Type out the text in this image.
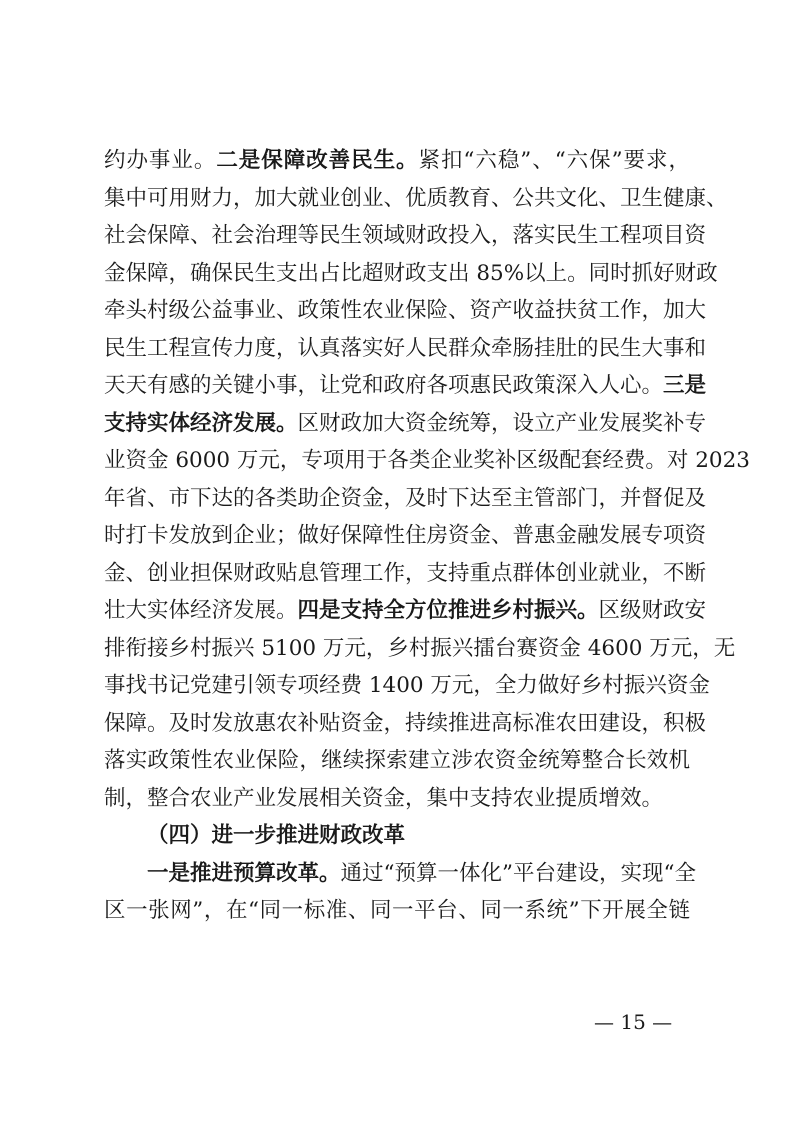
约办事业。二是保障改善民生。紧扣“六稳”、“六保”要求，
集中可用财力，加大就业创业、优质教育、公共文化、卫生健康、
社会保障、社会治理等民生领域财政投入，落实民生工程项目资
金保障，确保民生支出占比超财政支出 85%以上。同时抓好财政
牵头村级公益事业、政策性农业保险、资产收益扶贫工作，加大
民生工程宣传力度，认真落实好人民群众牵肠挂肚的民生大事和
天天有感的关键小事，让党和政府各项惠民政策深入人心。三是
支持实体经济发展。区财政加大资金统筹，设立产业发展奖补专
业资金 6000 万元，专项用于各类企业奖补区级配套经费。对 2023
年省、市下达的各类助企资金，及时下达至主管部门，并督促及
时打卡发放到企业；做好保障性住房资金、普惠金融发展专项资
金、创业担保财政贴息管理工作，支持重点群体创业就业，不断
壮大实体经济发展。四是支持全方位推进乡村振兴。区级财政安
排衔接乡村振兴 5100 万元，乡村振兴擂台赛资金 4600 万元，无
事找书记党建引领专项经费 1400 万元，全力做好乡村振兴资金
保障。及时发放惠农补贴资金，持续推进高标准农田建设，积极
落实政策性农业保险，继续探索建立涉农资金统筹整合长效机
制，整合农业产业发展相关资金，集中支持农业提质增效。
（四）进一步推进财政改革
一是推进预算改革。通过“预算一体化”平台建设，实现“全
区一张网”，在“同一标准、同一平台、同一系统”下开展全链
— 15 —
